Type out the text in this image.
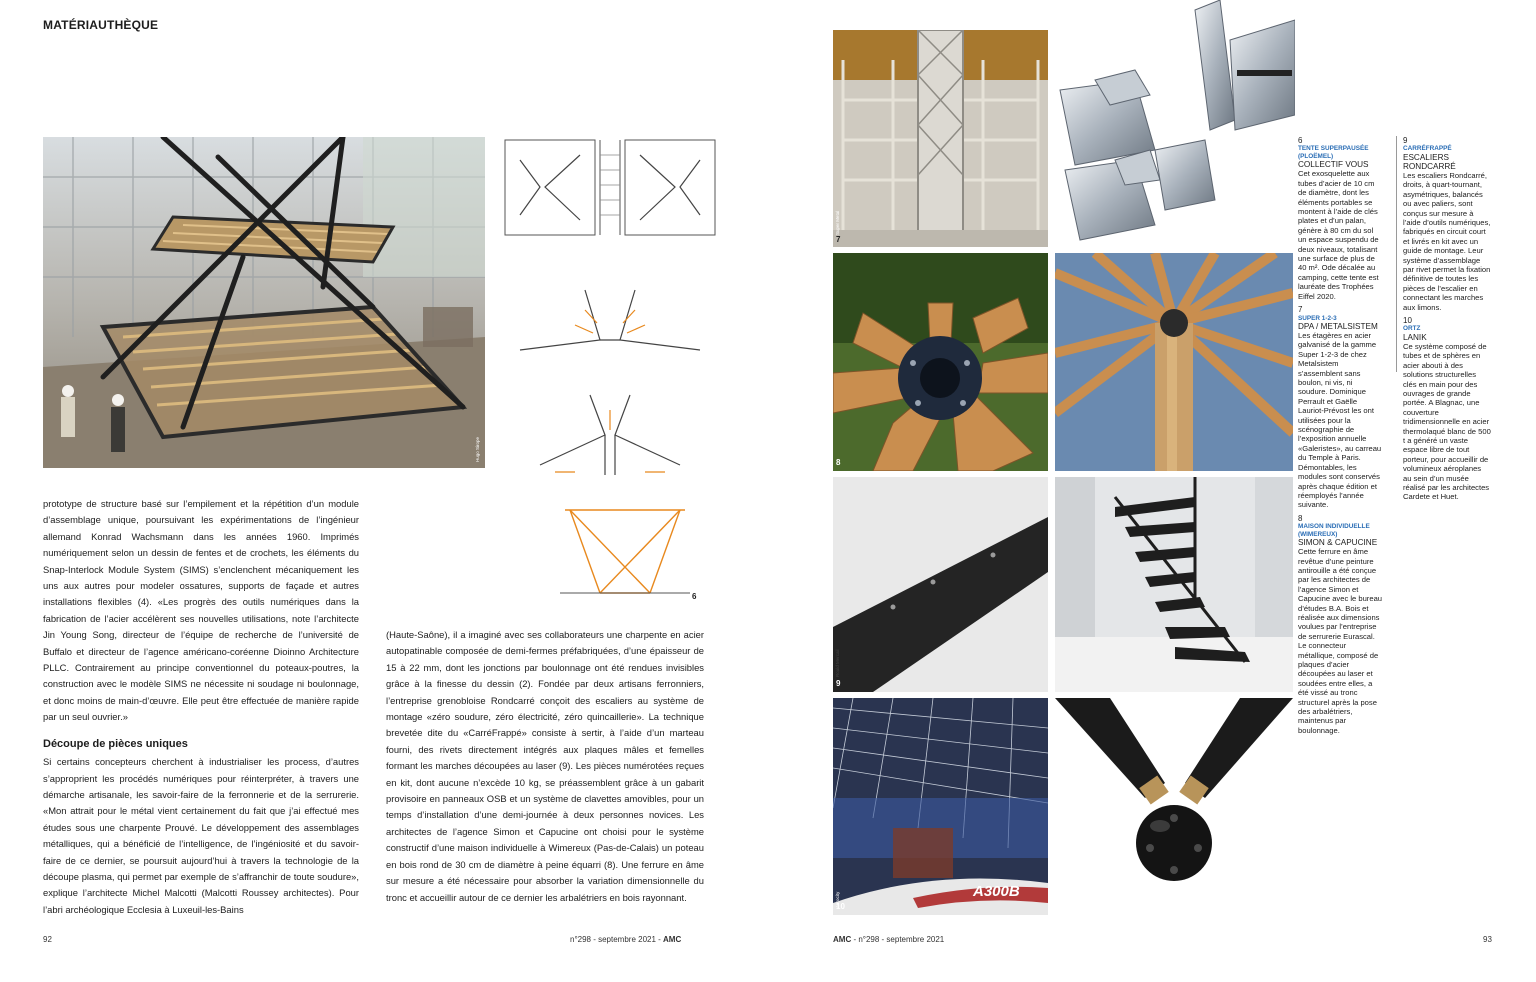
MATÉRIAUTHÈQUE
Hugo Sirope
6

prototype de structure basé sur l’empilement et la répétition d’un module d’assemblage unique, poursuivant les expérimentations de l’ingénieur allemand Konrad Wachsmann dans les années 1960. Imprimés numériquement selon un dessin de fentes et de crochets, les éléments du Snap-Interlock Module System (SIMS) s’enclenchent mécaniquement les uns aux autres pour modeler ossatures, supports de façade et autres installations flexibles (4). «Les progrès des outils numériques dans la fabrication de l’acier accélèrent ses nouvelles utilisations, note l’architecte Jin Young Song, directeur de l’équipe de recherche de l’université de Buffalo et directeur de l’agence américano-coréenne Dioinno Architecture PLLC. Contrairement au principe conventionnel du poteaux-poutres, la construction avec le modèle SIMS ne nécessite ni soudage ni boulonnage, et donc moins de main-d’œuvre. Elle peut être effectuée de manière rapide par un seul ouvrier.»

Découpe de pièces uniques

Si certains concepteurs cherchent à industrialiser les process, d’autres s’approprient les procédés numériques pour réinterpréter, à travers une démarche artisanale, les savoir-faire de la ferronnerie et de la serrurerie. «Mon attrait pour le métal vient certainement du fait que j’ai effectué mes études sous une charpente Prouvé. Le développement des assemblages métalliques, qui a bénéficié de l’intelligence, de l’ingéniosité et du savoir-faire de ce dernier, se poursuit aujourd’hui à travers la technologie de la découpe plasma, qui permet par exemple de s’affranchir de toute soudure», explique l’architecte Michel Malcotti (Malcotti Roussey architectes). Pour l’abri archéologique Ecclesia à Luxeuil-les-Bains

(Haute-Saône), il a imaginé avec ses collaborateurs une charpente en acier autopatinable composée de demi-fermes préfabriquées, d’une épaisseur de 15 à 22 mm, dont les jonctions par boulonnage ont été rendues invisibles grâce à la finesse du dessin (2). Fondée par deux artisans ferronniers, l’entreprise grenobloise Rondcarré conçoit des escaliers au système de montage «zéro soudure, zéro électricité, zéro quincaillerie». La technique brevetée dite du «CarréFrappé» consiste à sertir, à l’aide d’un marteau fourni, des rivets directement intégrés aux plaques mâles et femelles formant les marches découpées au laser (9). Les pièces numérotées reçues en kit, dont aucune n’excède 10 kg, se préassemblent grâce à un gabarit provisoire en panneaux OSB et un système de clavettes amovibles, pour un temps d’installation d’une demi-journée à deux personnes novices. Les architectes de l’agence Simon et Capucine ont choisi pour le système constructif d’une maison individuelle à Wimereux (Pas-de-Calais) un poteau en bois rond de 30 cm de diamètre à peine équarri (8). Une ferrure en âme sur mesure a été nécessaire pour absorber la variation dimensionnelle du tronc et accueillir autour de ce dernier les arbalétriers en bois rayonnant.

92	n°298 - septembre 2021 - AMC	AMC - n°298 - septembre 2021	93
Super Metal
7
8
Roald Mercail
9
A300B
Aerocity
10

6
TENTE SUPERPAUSÉE (PLOËMEL)
COLLECTIF VOUS
Cet exosquelette aux tubes d’acier de 10 cm de diamètre, dont les éléments portables se montent à l’aide de clés plates et d’un palan, génère à 80 cm du sol un espace suspendu de deux niveaux, totalisant une surface de plus de 40 m². Ode décalée au camping, cette tente est lauréate des Trophées Eiffel 2020.

7
SUPER 1-2-3
DPA / METALSISTEM
Les étagères en acier galvanisé de la gamme Super 1-2-3 de chez Metalsistem s’assemblent sans boulon, ni vis, ni soudure. Dominique Perrault et Gaëlle Lauriot-Prévost les ont utilisées pour la scénographie de l’exposition annuelle «Galeristes», au carreau du Temple à Paris. Démontables, les modules sont conservés après chaque édition et réemployés l’année suivante.

8
MAISON INDIVIDUELLE (WIMEREUX)
SIMON & CAPUCINE
Cette ferrure en âme revêtue d’une peinture antirouille a été conçue par les architectes de l’agence Simon et Capucine avec le bureau d’études B.A. Bois et réalisée aux dimensions voulues par l’entreprise de serrurerie Eurascal. Le connecteur métallique, composé de plaques d’acier découpées au laser et soudées entre elles, a été vissé au tronc structurel après la pose des arbalétriers, maintenus par boulonnage.

9
CARRÉFRAPPÉ
ESCALIERS RONDCARRÉ
Les escaliers Rondcarré, droits, à quart-tournant, asymétriques, balancés ou avec paliers, sont conçus sur mesure à l’aide d’outils numériques, fabriqués en circuit court et livrés en kit avec un guide de montage. Leur système d’assemblage par rivet permet la fixation définitive de toutes les pièces de l’escalier en connectant les marches aux limons.

10
ORTZ
LANIK
Ce système composé de tubes et de sphères en acier abouti à des solutions structurelles clés en main pour des ouvrages de grande portée. A Blagnac, une couverture tridimensionnelle en acier thermolaqué blanc de 500 t a généré un vaste espace libre de tout porteur, pour accueillir de volumineux aéroplanes au sein d’un musée réalisé par les architectes Cardete et Huet.
